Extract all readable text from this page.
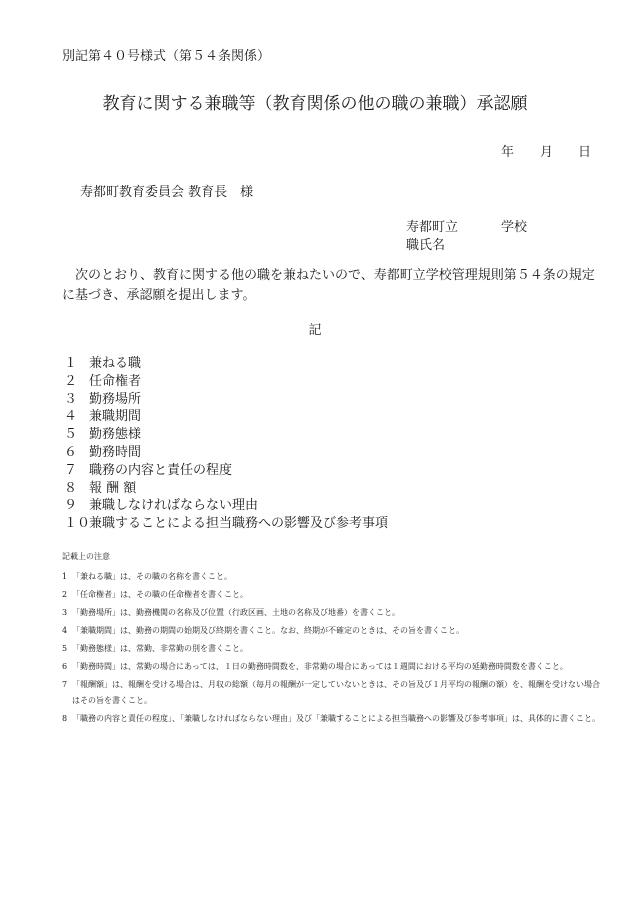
別記第４０号様式（第５４条関係）
教育に関する兼職等（教育関係の他の職の兼職）承認願
年 月 日
寿都町教育委員会 教育長　様
寿都町立	学校
職氏名
次のとおり、教育に関する他の職を兼ねたいので、寿都町立学校管理規則第５４条の規定に基づき、承認願を提出します。
記
１ 兼ねる職
２ 任命権者
３ 勤務場所
４ 兼職期間
５ 勤務態様
６ 勤務時間
７ 職務の内容と責任の程度
８ 報 酬 額
９ 兼職しなければならない理由
１０兼職することによる担当職務への影響及び参考事項
記載上の注意
1 「兼ねる職」は、その職の名称を書くこと。
2 「任命権者」は、その職の任命権者を書くこと。
3 「勤務場所」は、勤務機関の名称及び位置（行政区画、土地の名称及び地番）を書くこと。
4 「兼職期間」は、勤務の期間の始期及び終期を書くこと。なお、終期が不確定のときは、その旨を書くこと。
5 「勤務態様」は、常勤、非常勤の別を書くこと。
6 「勤務時間」は、常勤の場合にあっては、１日の勤務時間数を、非常勤の場合にあっては１週間における平均の延勤務時間数を書くこと。
7 「報酬額」は、報酬を受ける場合は、月収の総額（毎月の報酬が一定していないときは、その旨及び１月平均の報酬の額）を、報酬を受けない場合はその旨を書くこと。
8 「職務の内容と責任の程度」、「兼職しなければならない理由」及び「兼職することによる担当職務への影響及び参考事項」は、具体的に書くこと。
